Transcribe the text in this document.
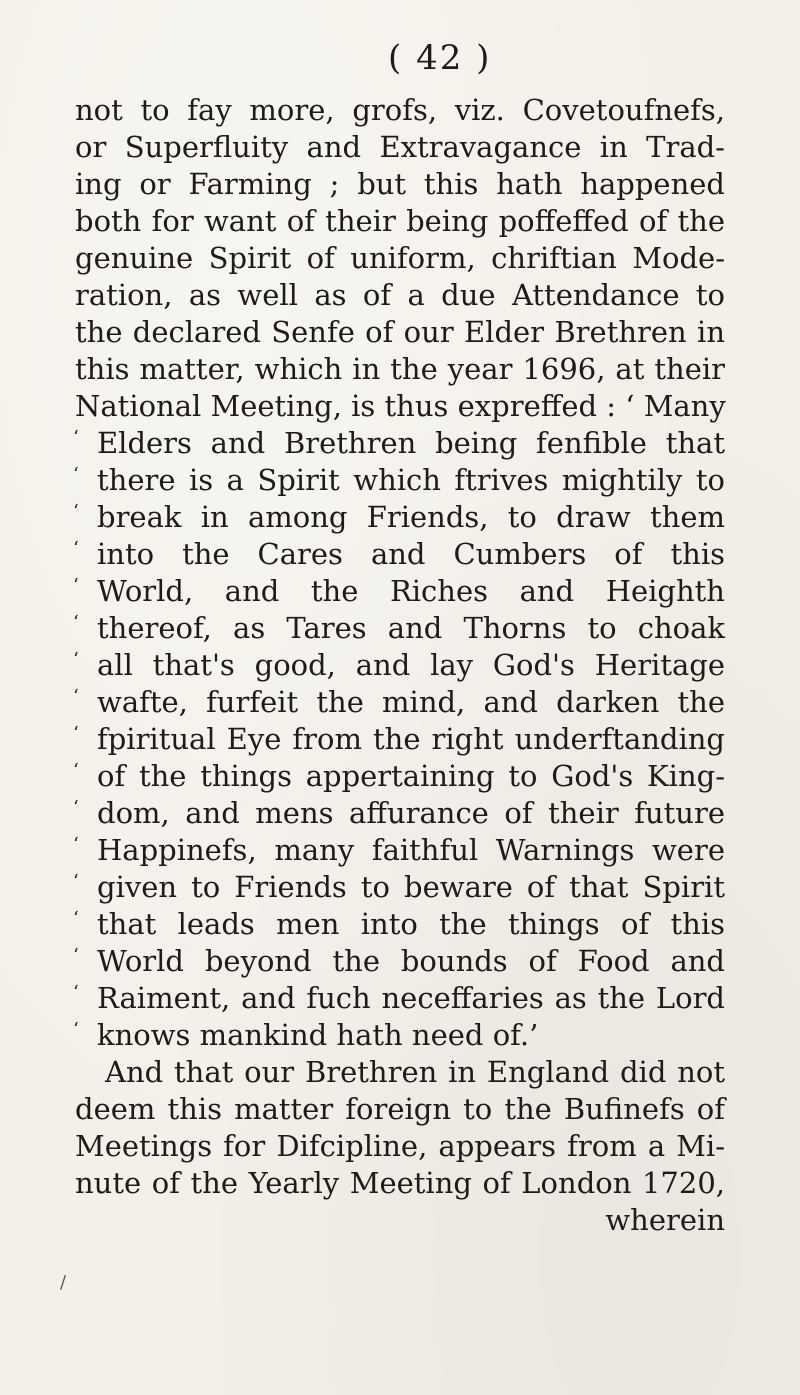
( 42 )
not to fay more, grofs, viz. Covetoufnefs,
or Superfluity and Extravagance in Trad-
ing or Farming ; but this hath happened
both for want of their being poffeffed of the
genuine Spirit of uniform, chriftian Mode-
ration, as well as of a due Attendance to
the declared Senfe of our Elder Brethren in
this matter, which in the year 1696, at their
National Meeting, is thus expreffed : ‘ Many
‘ Elders and Brethren being fenfible that
‘ there is a Spirit which ftrives mightily to
‘ break in among Friends, to draw them
‘ into the Cares and Cumbers of this
‘ World, and the Riches and Heighth
‘ thereof, as Tares and Thorns to choak
‘ all that's good, and lay God's Heritage
‘ wafte, furfeit the mind, and darken the
‘ fpiritual Eye from the right underftanding
‘ of the things appertaining to God's King-
‘ dom, and mens affurance of their future
‘ Happinefs, many faithful Warnings were
‘ given to Friends to beware of that Spirit
‘ that leads men into the things of this
‘ World beyond the bounds of Food and
‘ Raiment, and fuch neceffaries as the Lord
‘ knows mankind hath need of.’
And that our Brethren in England did not
deem this matter foreign to the Bufinefs of
Meetings for Difcipline, appears from a Mi-
nute of the Yearly Meeting of London 1720,
wherein
/
